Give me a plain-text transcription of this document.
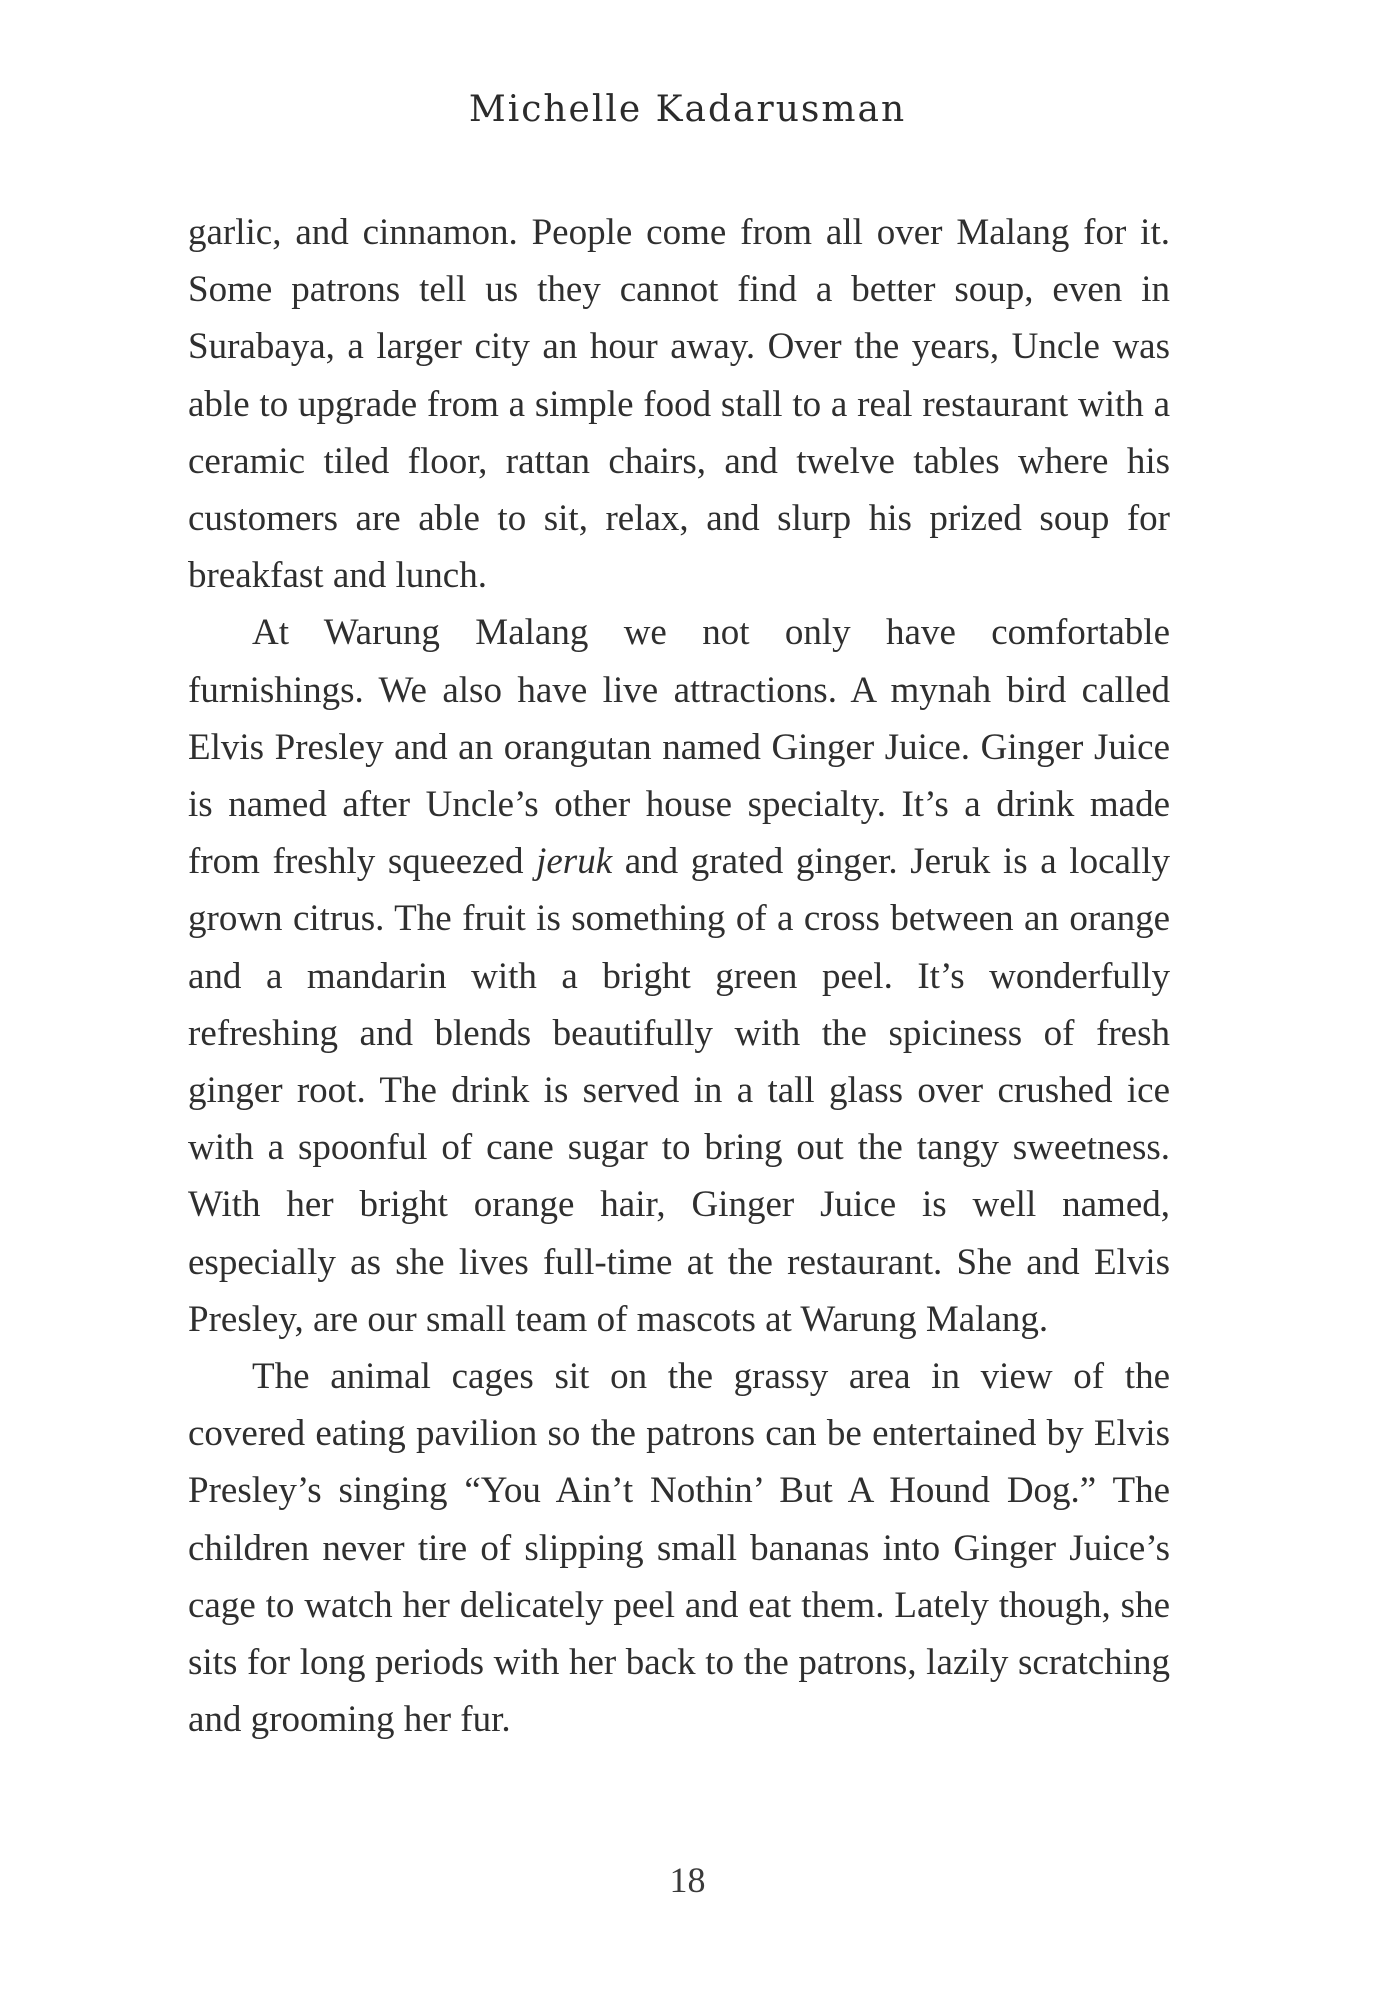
Michelle Kadarusman

garlic, and cinnamon. People come from all over Malang for it. Some patrons tell us they cannot find a better soup, even in Surabaya, a larger city an hour away. Over the years, Uncle was able to upgrade from a simple food stall to a real restaurant with a ceramic tiled floor, rattan chairs, and twelve tables where his customers are able to sit, relax, and slurp his prized soup for breakfast and lunch.

At Warung Malang we not only have comfortable furnishings. We also have live attractions. A mynah bird called Elvis Presley and an orangutan named Ginger Juice. Ginger Juice is named after Uncle’s other house specialty. It’s a drink made from freshly squeezed jeruk and grated ginger. Jeruk is a locally grown citrus. The fruit is something of a cross between an orange and a mandarin with a bright green peel. It’s wonderfully refreshing and blends beautifully with the spiciness of fresh ginger root. The drink is served in a tall glass over crushed ice with a spoonful of cane sugar to bring out the tangy sweetness. With her bright orange hair, Ginger Juice is well named, especially as she lives full-time at the restaurant. She and Elvis Presley, are our small team of mascots at Warung Malang.

The animal cages sit on the grassy area in view of the covered eating pavilion so the patrons can be entertained by Elvis Presley’s singing “You Ain’t Nothin’ But A Hound Dog.” The children never tire of slipping small bananas into Ginger Juice’s cage to watch her delicately peel and eat them. Lately though, she sits for long periods with her back to the patrons, lazily scratching and grooming her fur.

18
